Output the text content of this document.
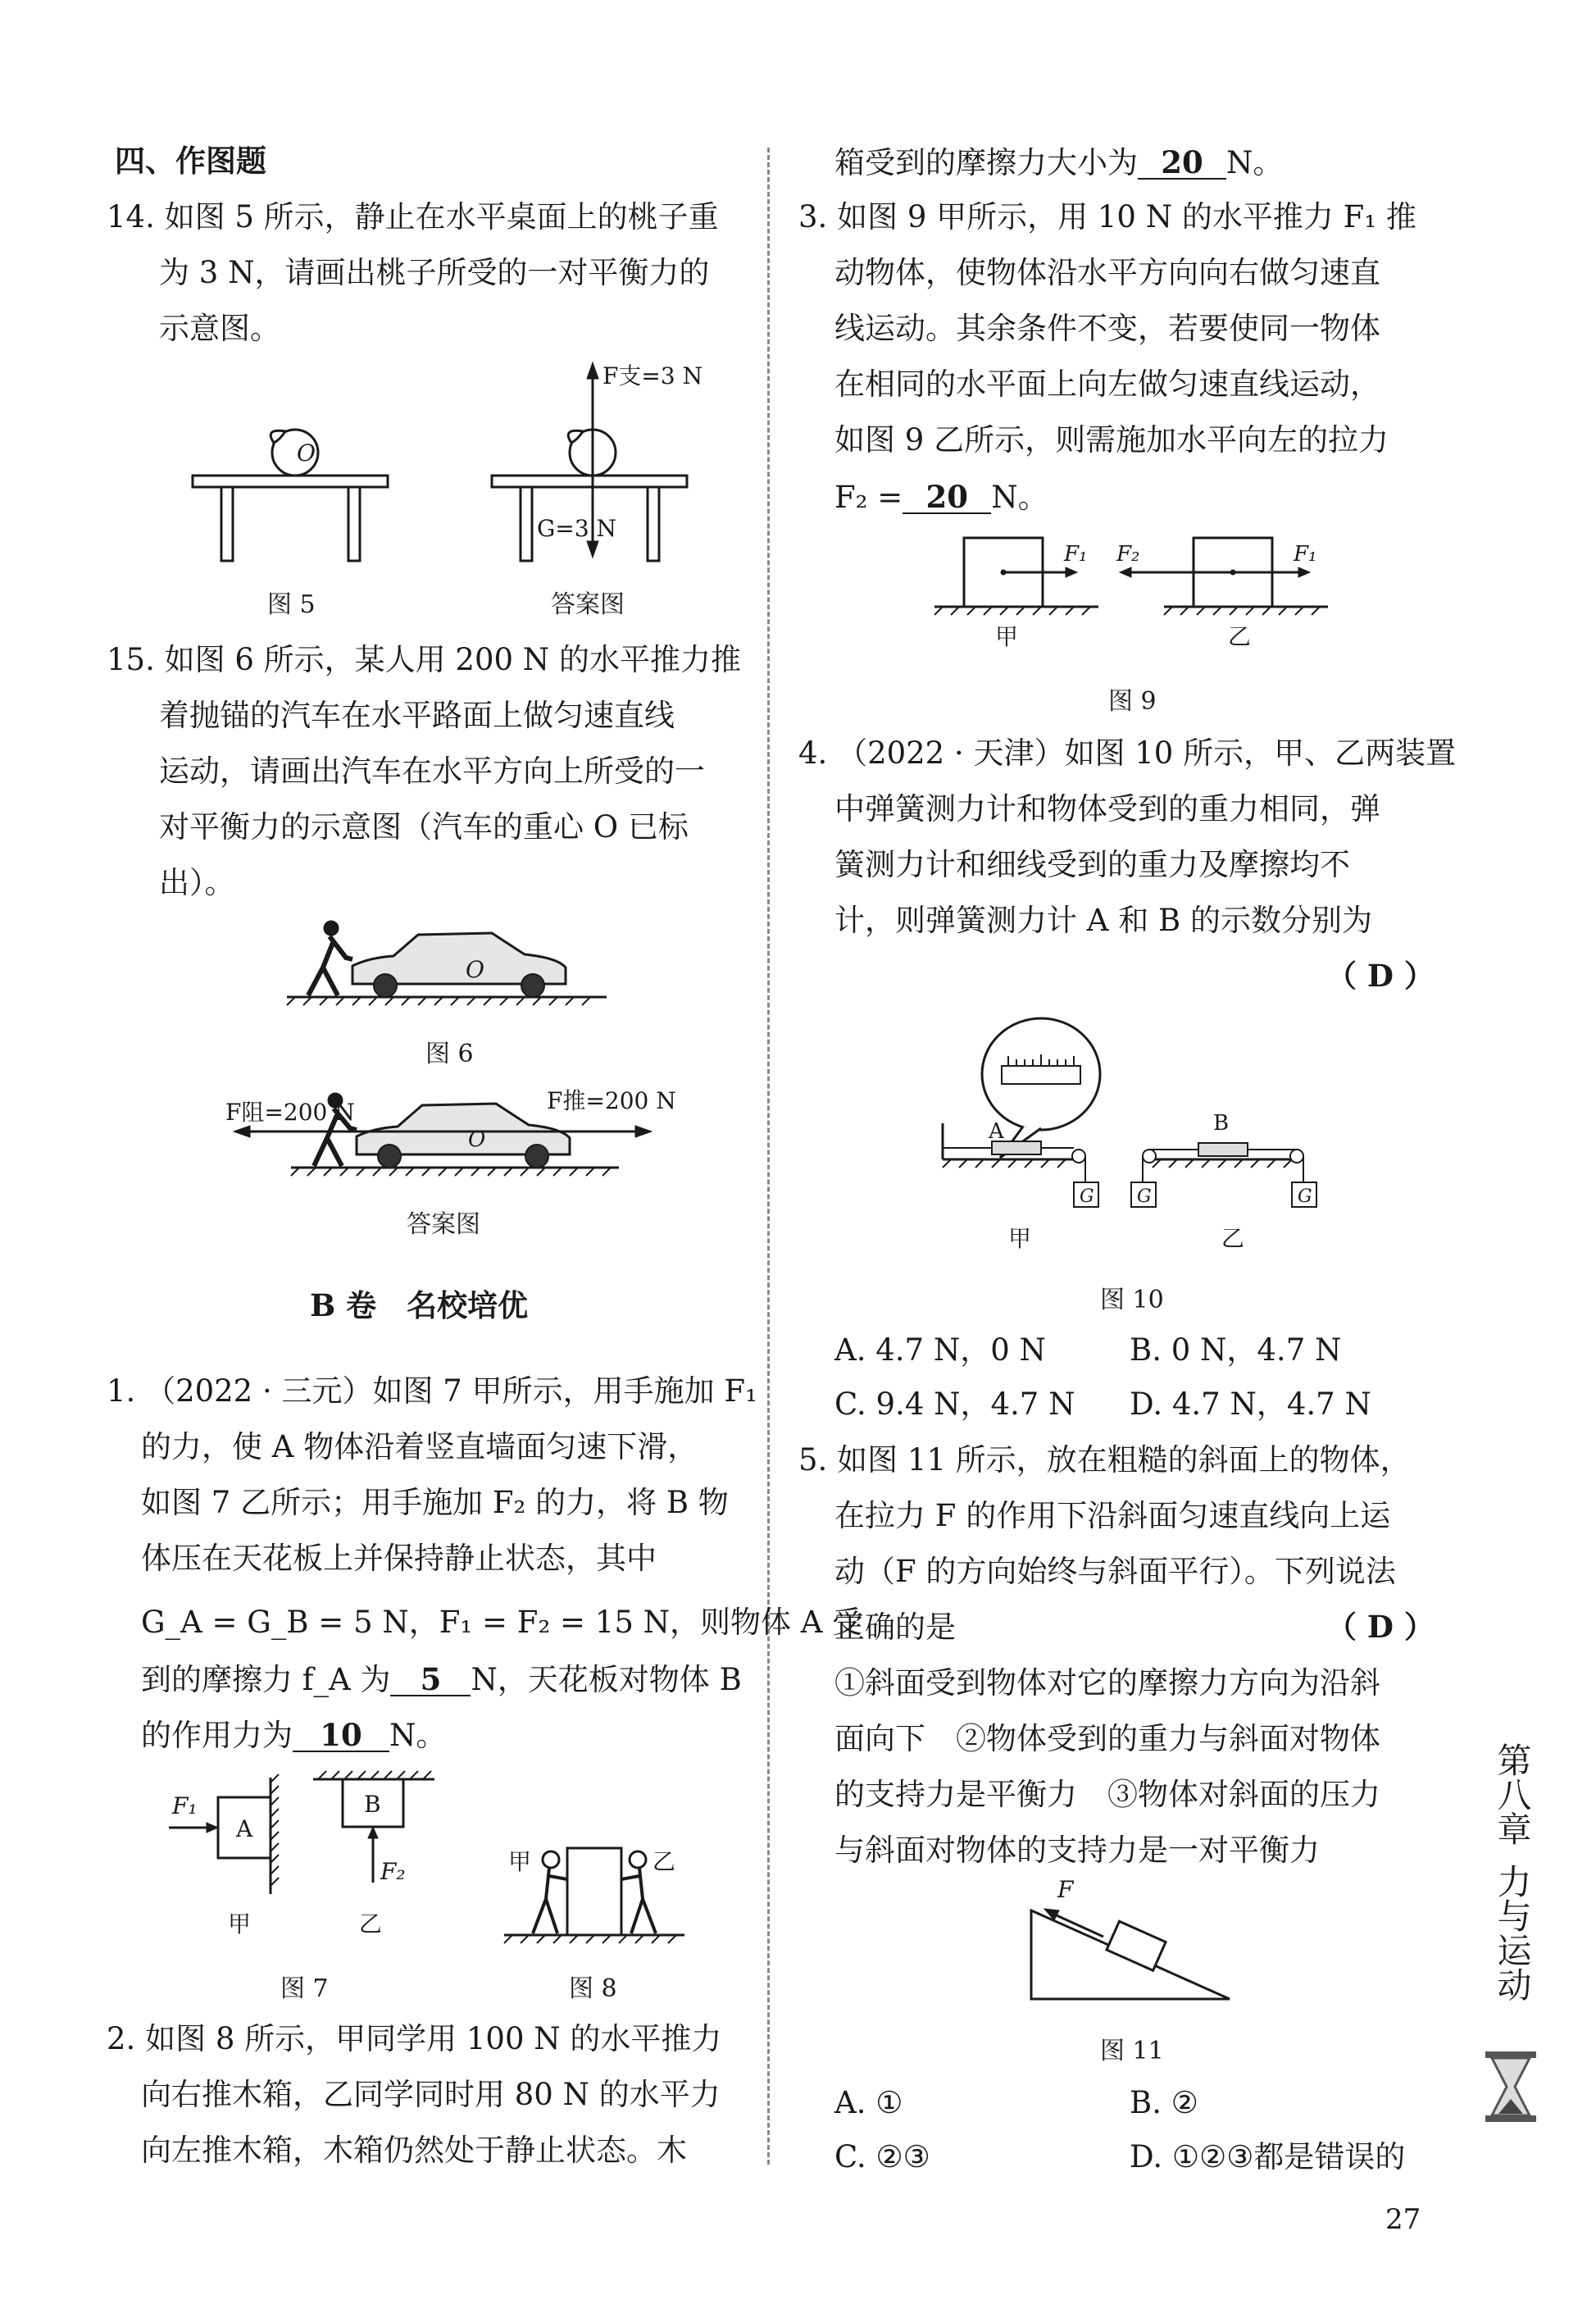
四、作图题
14. 如图 5 所示，静止在水平桌面上的桃子重
为 3 N，请画出桃子所受的一对平衡力的
示意图。
O
图 5
F支=3 N
G=3 N
答案图
15. 如图 6 所示，某人用 200 N 的水平推力推
着抛锚的汽车在水平路面上做匀速直线
运动，请画出汽车在水平方向上所受的一
对平衡力的示意图（汽车的重心 O 已标
出）。
O
图 6
O
F阻=200 N	F推=200 N
答案图
B 卷　名校培优
1. （2022 · 三元）如图 7 甲所示，用手施加 F₁
的力，使 A 物体沿着竖直墙面匀速下滑，
如图 7 乙所示；用手施加 F₂ 的力，将 B 物
体压在天花板上并保持静止状态，其中
G_A = G_B = 5 N，F₁ = F₂ = 15 N，则物体 A 受
到的摩擦力 f_A 为 5 N，天花板对物体 B
的作用力为 10 N。
A
F₁
甲
B
F₂
乙
图 7
甲	乙
图 8
2. 如图 8 所示，甲同学用 100 N 的水平推力
向右推木箱，乙同学同时用 80 N 的水平力
向左推木箱，木箱仍然处于静止状态。木
箱受到的摩擦力大小为 20 N。
3. 如图 9 甲所示，用 10 N 的水平推力 F₁ 推
动物体，使物体沿水平方向向右做匀速直
线运动。其余条件不变，若要使同一物体
在相同的水平面上向左做匀速直线运动，
如图 9 乙所示，则需施加水平向左的拉力
F₂ = 20 N。
F₁
甲
F₁
F₂
乙
图 9
4. （2022 · 天津）如图 10 所示，甲、乙两装置
中弹簧测力计和物体受到的重力相同，弹
簧测力计和细线受到的重力及摩擦均不
计，则弹簧测力计 A 和 B 的示数分别为
（ D ）
A
G
甲
B
G	G
乙
图 10
A. 4.7 N，0 N	B. 0 N，4.7 N
C. 9.4 N，4.7 N D. 4.7 N，4.7 N
5. 如图 11 所示，放在粗糙的斜面上的物体，
在拉力 F 的作用下沿斜面匀速直线向上运
动（F 的方向始终与斜面平行）。下列说法
正确的是	（ D ）
①斜面受到物体对它的摩擦力方向为沿斜
面向下　②物体受到的重力与斜面对物体
的支持力是平衡力　③物体对斜面的压力
与斜面对物体的支持力是一对平衡力
F
图 11
A. ①	B. ②
C. ②③	D. ①②③都是错误的
第八章
力与运动
27
